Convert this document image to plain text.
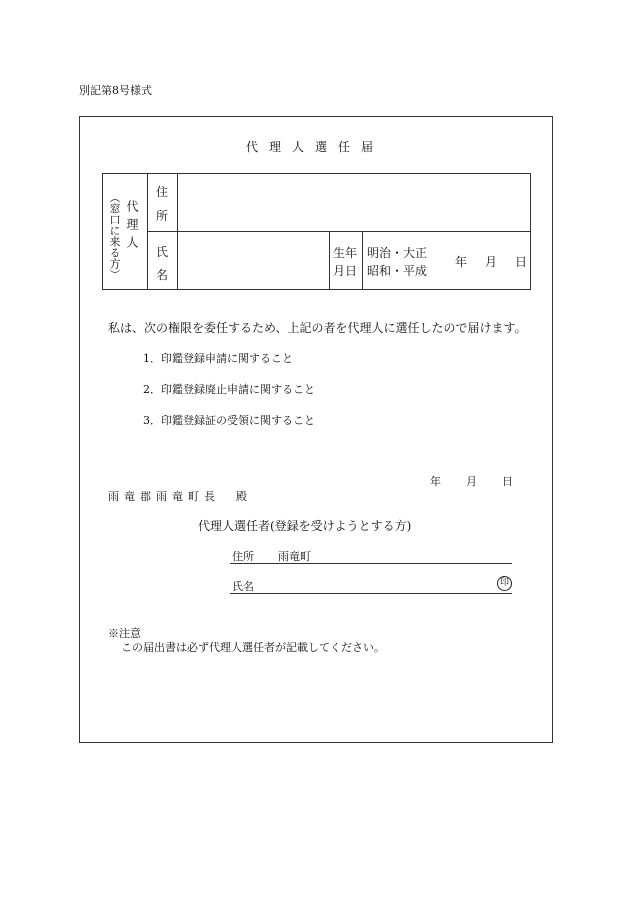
別記第8号様式
代理人選任届
代理人
（窓口に来る方）	住
所
氏
名
生年
月日
明治・大正
昭和・平成
年 月 日
私は、次の権限を委任するため、上記の者を代理人に選任したので届けます。
1．印鑑登録申請に関すること
2．印鑑登録廃止申請に関すること
3．印鑑登録証の受領に関すること
年 月 日
雨竜郡雨竜町長　殿
代理人選任者(登録を受けようとする方)
住所 雨竜町
氏名	印
※注意
この届出書は必ず代理人選任者が記載してください。
